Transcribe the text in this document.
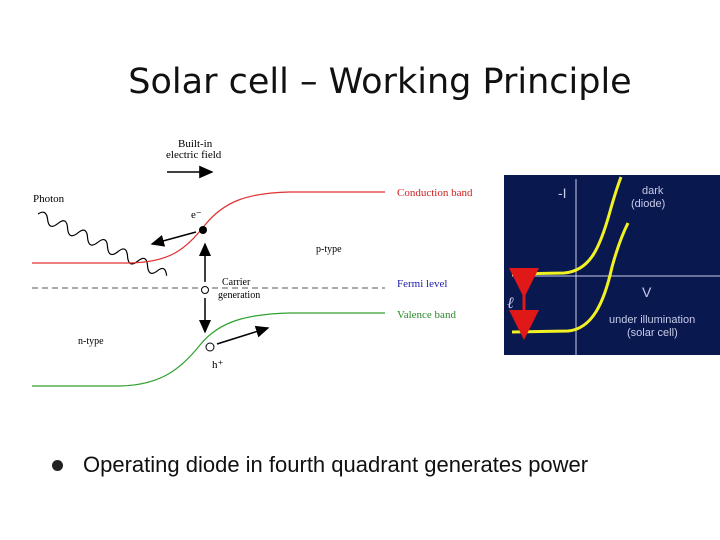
Solar cell – Working Principle
Built-in
electric field
Photon
e⁻
Carrier
generation
h⁺
p-type
n-type
Conduction band
Fermi level
Valence band
ℓ
-I
V
dark
(diode)
under illumination
(solar cell)
Operating diode in fourth quadrant generates power
